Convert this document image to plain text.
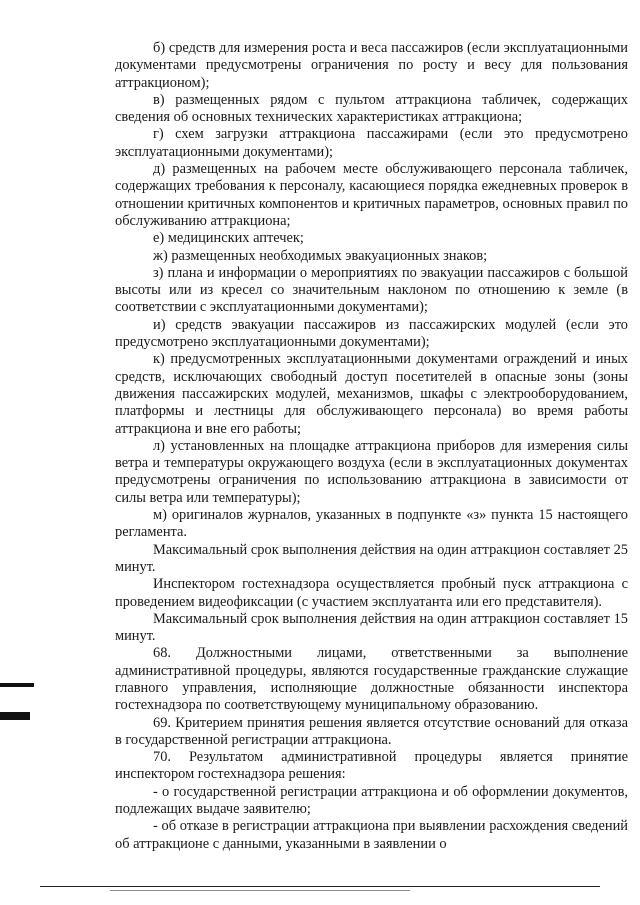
б) средств для измерения роста и веса пассажиров (если эксплуатационными документами предусмотрены ограничения по росту и весу для пользования аттракционом);

в) размещенных рядом с пультом аттракциона табличек, содержащих сведения об основных технических характеристиках аттракциона;

г) схем загрузки аттракциона пассажирами (если это предусмотрено эксплуатационными документами);

д) размещенных на рабочем месте обслуживающего персонала табличек, содержащих требования к персоналу, касающиеся порядка ежедневных проверок в отношении критичных компонентов и критичных параметров, основных правил по обслуживанию аттракциона;

е) медицинских аптечек;

ж) размещенных необходимых эвакуационных знаков;

з) плана и информации о мероприятиях по эвакуации пассажиров с большой высоты или из кресел со значительным наклоном по отношению к земле (в соответствии с эксплуатационными документами);

и) средств эвакуации пассажиров из пассажирских модулей (если это предусмотрено эксплуатационными документами);

к) предусмотренных эксплуатационными документами ограждений и иных средств, исключающих свободный доступ посетителей в опасные зоны (зоны движения пассажирских модулей, механизмов, шкафы с электрооборудованием, платформы и лестницы для обслуживающего персонала) во время работы аттракциона и вне его работы;

л) установленных на площадке аттракциона приборов для измерения силы ветра и температуры окружающего воздуха (если в эксплуатационных документах предусмотрены ограничения по использованию аттракциона в зависимости от силы ветра или температуры);

м) оригиналов журналов, указанных в подпункте «з» пункта 15 настоящего регламента.

Максимальный срок выполнения действия на один аттракцион составляет 25 минут.

Инспектором гостехнадзора осуществляется пробный пуск аттракциона с проведением видеофиксации (с участием эксплуатанта или его представителя).

Максимальный срок выполнения действия на один аттракцион составляет 15 минут.

68. Должностными лицами, ответственными за выполнение административной процедуры, являются государственные гражданские служащие главного управления, исполняющие должностные обязанности инспектора гостехнадзора по соответствующему муниципальному образованию.

69. Критерием принятия решения является отсутствие оснований для отказа в государственной регистрации аттракциона.

70. Результатом административной процедуры является принятие инспектором гостехнадзора решения:

- о государственной регистрации аттракциона и об оформлении документов, подлежащих выдаче заявителю;

- об отказе в регистрации аттракциона при выявлении расхождения сведений об аттракционе с данными, указанными в заявлении о
